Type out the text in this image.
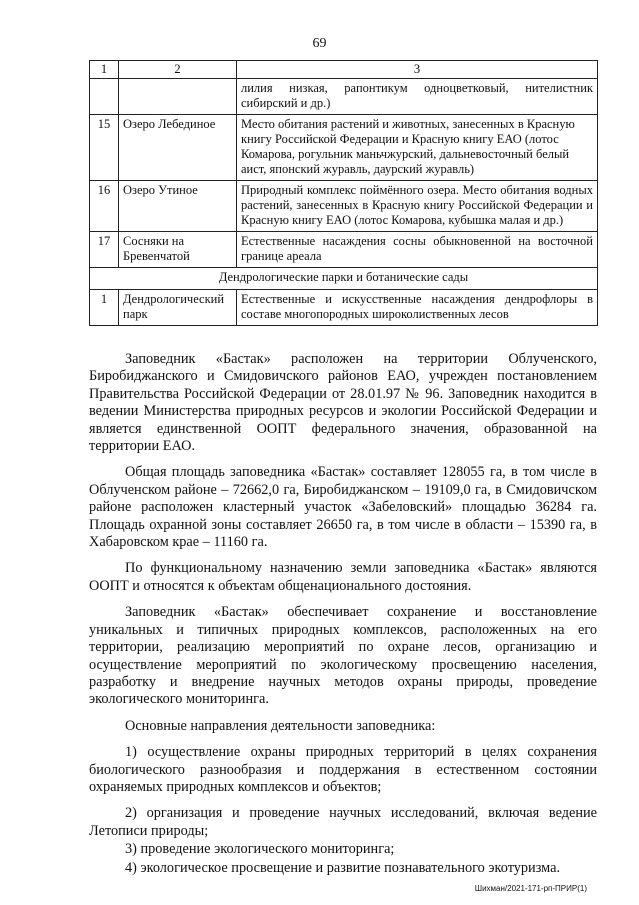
69
1	2	3
		лилия низкая, рапонтикум одноцветковый, нителистник сибирский и др.)
15	Озеро Лебединое	Место обитания растений и животных, занесенных в Красную книгу Российской Федерации и Красную книгу ЕАО (лотос Комарова, рогульник маньчжурский, дальневосточный белый аист, японский журавль, даурский журавль)
16	Озеро Утиное	Природный комплекс поймённого озера. Место обитания водных растений, занесенных в Красную книгу Российской Федерации и Красную книгу ЕАО (лотос Комарова, кубышка малая и др.)
17	Сосняки на Бревенчатой	Естественные насаждения сосны обыкновенной на восточной границе ареала
Дендрологические парки и ботанические сады		
1	Дендрологический парк	Естественные и искусственные насаждения дендрофлоры в составе многопородных широколиственных лесов

Заповедник «Бастак» расположен на территории Облученского, Биробиджанского и Смидовичского районов ЕАО, учрежден постановлением Правительства Российской Федерации от 28.01.97 № 96. Заповедник находится в ведении Министерства природных ресурсов и экологии Российской Федерации и является единственной ООПТ федерального значения, образованной на территории ЕАО.

Общая площадь заповедника «Бастак» составляет 128055 га, в том числе в Облученском районе – 72662,0 га, Биробиджанском – 19109,0 га, в Смидовичском районе расположен кластерный участок «Забеловский» площадью 36284 га. Площадь охранной зоны составляет 26650 га, в том числе в области – 15390 га, в Хабаровском крае – 11160 га.

По функциональному назначению земли заповедника «Бастак» являются ООПТ и относятся к объектам общенационального достояния.

Заповедник «Бастак» обеспечивает сохранение и восстановление уникальных и типичных природных комплексов, расположенных на его территории, реализацию мероприятий по охране лесов, организацию и осуществление мероприятий по экологическому просвещению населения, разработку и внедрение научных методов охраны природы, проведение экологического мониторинга.

Основные направления деятельности заповедника:

1) осуществление охраны природных территорий в целях сохранения биологического разнообразия и поддержания в естественном состоянии охраняемых природных комплексов и объектов;

2) организация и проведение научных исследований, включая ведение Летописи природы;

3) проведение экологического мониторинга;

4) экологическое просвещение и развитие познавательного экотуризма.

Шихман/2021-171-рп-ПРИР(1)
